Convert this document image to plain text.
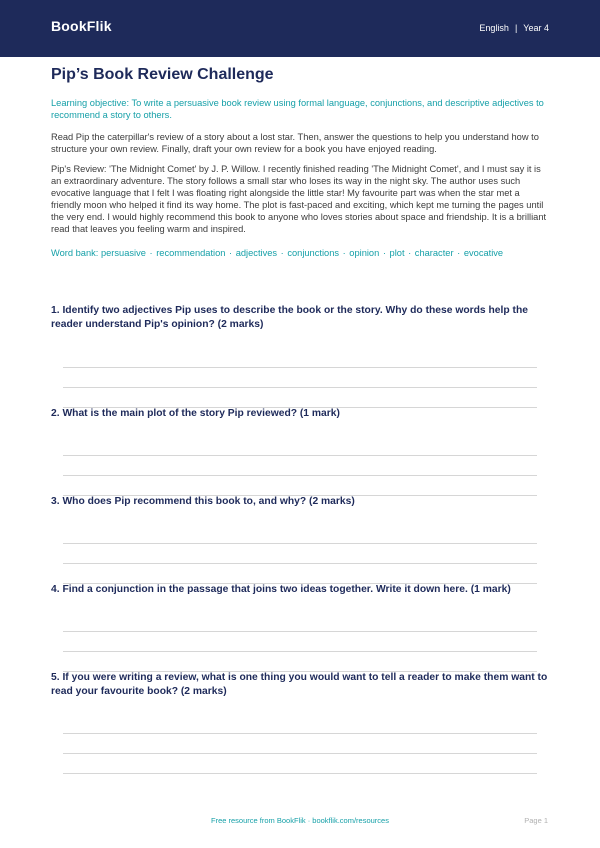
BookFlik	English | Year 4
Pip’s Book Review Challenge
Learning objective: To write a persuasive book review using formal language, conjunctions, and descriptive adjectives to recommend a story to others.
Read Pip the caterpillar's review of a story about a lost star. Then, answer the questions to help you understand how to structure your own review. Finally, draft your own review for a book you have enjoyed reading.
Pip's Review: 'The Midnight Comet' by J. P. Willow. I recently finished reading 'The Midnight Comet', and I must say it is an extraordinary adventure. The story follows a small star who loses its way in the night sky. The author uses such evocative language that I felt I was floating right alongside the little star! My favourite part was when the star met a friendly moon who helped it find its way home. The plot is fast-paced and exciting, which kept me turning the pages until the very end. I would highly recommend this book to anyone who loves stories about space and friendship. It is a brilliant read that leaves you feeling warm and inspired.
Word bank: persuasive · recommendation · adjectives · conjunctions · opinion · plot · character · evocative
1. Identify two adjectives Pip uses to describe the book or the story. Why do these words help the reader understand Pip's opinion? (2 marks)
2. What is the main plot of the story Pip reviewed? (1 mark)
3. Who does Pip recommend this book to, and why? (2 marks)
4. Find a conjunction in the passage that joins two ideas together. Write it down here. (1 mark)
5. If you were writing a review, what is one thing you would want to tell a reader to make them want to read your favourite book? (2 marks)
Free resource from BookFlik · bookflik.com/resources	Page 1
